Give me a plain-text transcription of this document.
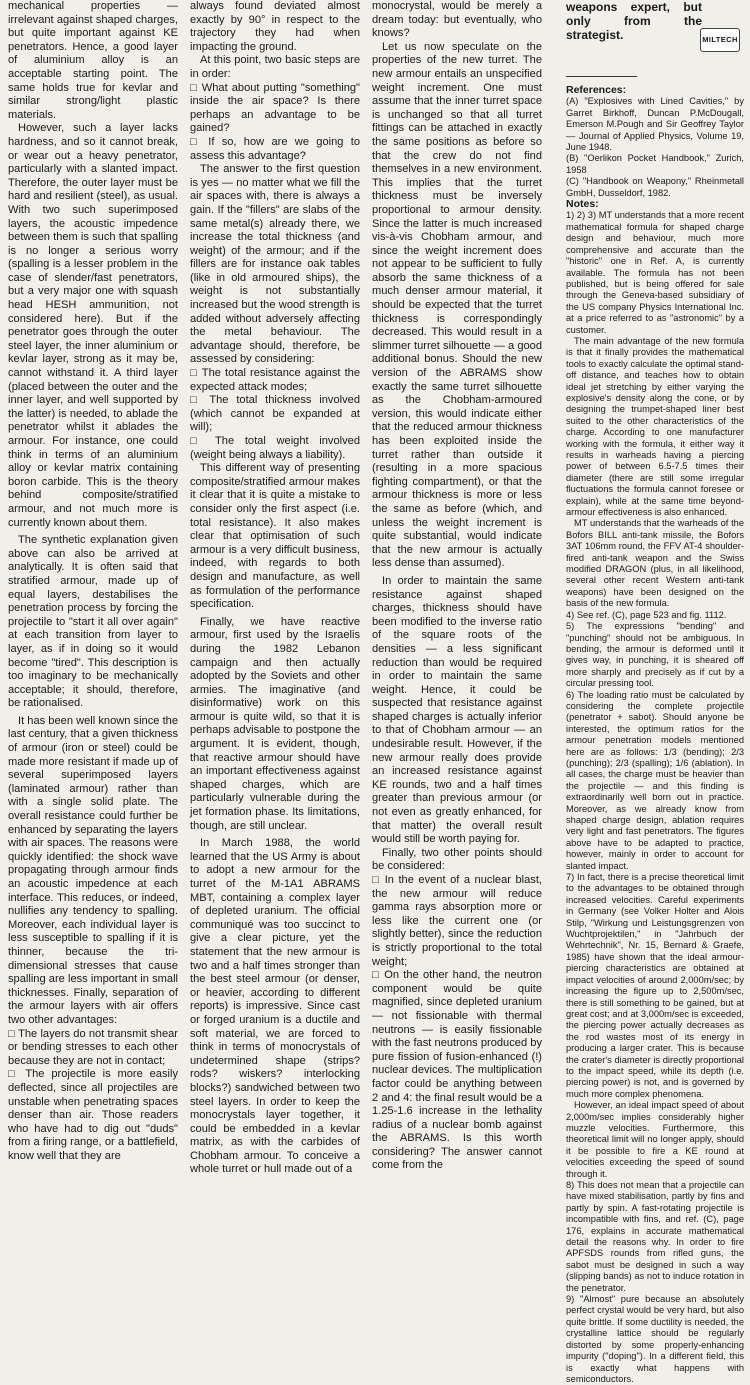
mechanical properties — irrelevant against shaped charges, but quite important against KE penetrators. Hence, a good layer of aluminium alloy is an acceptable starting point. The same holds true for kevlar and similar strong/light plastic materials.

However, such a layer lacks hardness, and so it cannot break, or wear out a heavy penetrator, particularly with a slanted impact. Therefore, the outer layer must be hard and resilient (steel), as usual. With two such superimposed layers, the acoustic impedence between them is such that spalling is no longer a serious worry (spalling is a lesser problem in the case of slender/fast penetrators, but a very major one with squash head HESH ammunition, not considered here). But if the penetrator goes through the outer steel layer, the inner aluminium or kevlar layer, strong as it may be, cannot withstand it. A third layer (placed between the outer and the inner layer, and well supported by the latter) is needed, to ablade the penetrator whilst it ablades the armour. For instance, one could think in terms of an aluminium alloy or kevlar matrix containing boron carbide. This is the theory behind composite/stratified armour, and not much more is currently known about them.

The synthetic explanation given above can also be arrived at analytically. It is often said that stratified armour, made up of equal layers, destabilises the penetration process by forcing the projectile to "start it all over again" at each transition from layer to layer, as if in doing so it would become "tired". This description is too imaginary to be mechanically acceptable; it should, therefore, be rationalised.

It has been well known since the last century, that a given thickness of armour (iron or steel) could be made more resistant if made up of several superimposed layers (laminated armour) rather than with a single solid plate. The overall resistance could further be enhanced by separating the layers with air spaces. The reasons were quickly identified: the shock wave propagating through armour finds an acoustic impedence at each interface. This reduces, or indeed, nullifies any tendency to spalling. Moreover, each individual layer is less susceptible to spalling if it is thinner, because the tri-dimensional stresses that cause spalling are less important in small thicknesses. Finally, separation of the armour layers with air offers two other advantages:

□ The layers do not transmit shear or bending stresses to each other because they are not in contact;

□ The projectile is more easily deflected, since all projectiles are unstable when penetrating spaces denser than air. Those readers who have had to dig out "duds" from a firing range, or a battlefield, know well that they are

always found deviated almost exactly by 90° in respect to the trajectory they had when impacting the ground.

At this point, two basic steps are in order:

□ What about putting "something" inside the air space? Is there perhaps an advantage to be gained?

□ If so, how are we going to assess this advantage?

The answer to the first question is yes — no matter what we fill the air spaces with, there is always a gain. If the "fillers" are slabs of the same metal(s) already there, we increase the total thickness (and weight) of the armour; and if the fillers are for instance oak tables (like in old armoured ships), the weight is not substantially increased but the wood strength is added without adversely affecting the metal behaviour. The advantage should, therefore, be assessed by considering:

□ The total resistance against the expected attack modes;

□ The total thickness involved (which cannot be expanded at will);

□ The total weight involved (weight being always a liability).

This different way of presenting composite/stratified armour makes it clear that it is quite a mistake to consider only the first aspect (i.e. total resistance). It also makes clear that optimisation of such armour is a very difficult business, indeed, with regards to both design and manufacture, as well as formulation of the performance specification.

Finally, we have reactive armour, first used by the Israelis during the 1982 Lebanon campaign and then actually adopted by the Soviets and other armies. The imaginative (and disinformative) work on this armour is quite wild, so that it is perhaps advisable to postpone the argument. It is evident, though, that reactive armour should have an important effectiveness against shaped charges, which are particularly vulnerable during the jet formation phase. Its limitations, though, are still unclear.

In March 1988, the world learned that the US Army is about to adopt a new armour for the turret of the M-1A1 ABRAMS MBT, containing a complex layer of depleted uranium. The official communiqué was too succinct to give a clear picture, yet the statement that the new armour is two and a half times stronger than the best steel armour (or denser, or heavier, according to different reports) is impressive. Since cast or forged uranium is a ductile and soft material, we are forced to think in terms of monocrystals of undetermined shape (strips? rods? wiskers? interlocking blocks?) sandwiched between two steel layers. In order to keep the monocrystals layer together, it could be embedded in a kevlar matrix, as with the carbides of Chobham armour. To conceive a whole turret or hull made out of a

monocrystal, would be merely a dream today: but eventually, who knows?

Let us now speculate on the properties of the new turret. The new armour entails an unspecified weight increment. One must assume that the inner turret space is unchanged so that all turret fittings can be attached in exactly the same positions as before so that the crew do not find themselves in a new environment. This implies that the turret thickness must be inversely proportional to armour density. Since the latter is much increased vis-à-vis Chobham armour, and since the weight increment does not appear to be sufficient to fully absorb the same thickness of a much denser armour material, it should be expected that the turret thickness is correspondingly decreased. This would result in a slimmer turret silhouette — a good additional bonus. Should the new version of the ABRAMS show exactly the same turret silhouette as the Chobham-armoured version, this would indicate either that the reduced armour thickness has been exploited inside the turret rather than outside it (resulting in a more spacious fighting compartment), or that the armour thickness is more or less the same as before (which, and unless the weight increment is quite substantial, would indicate that the new armour is actually less dense than assumed).

In order to maintain the same resistance against shaped charges, thickness should have been modified to the inverse ratio of the square roots of the densities — a less significant reduction than would be required in order to maintain the same weight. Hence, it could be suspected that resistance against shaped charges is actually inferior to that of Chobham armour — an undesirable result. However, if the new armour really does provide an increased resistance against KE rounds, two and a half times greater than previous armour (or not even as greatly enhanced, for that matter) the overall result would still be worth paying for.

Finally, two other points should be considered:

□ In the event of a nuclear blast, the new armour will reduce gamma rays absorption more or less like the current one (or slightly better), since the reduction is strictly proportional to the total weight;

□ On the other hand, the neutron component would be quite magnified, since depleted uranium — not fissionable with thermal neutrons — is easily fissionable with the fast neutrons produced by pure fission of fusion-enhanced (!) nuclear devices. The multiplication factor could be anything between 2 and 4: the final result would be a 1.25-1.6 increase in the lethality radius of a nuclear bomb against the ABRAMS. Is this worth considering? The answer cannot come from the

weapons expert, but only from the strategist.	MILTECH

References:

(A) "Explosives with Lined Cavities," by Garret Birkhoff, Duncan P.McDougall, Emerson M.Pough and Sir Geoffrey Taylor — Journal of Applied Physics, Volume 19, June 1948.

(B) "Oerlikon Pocket Handbook," Zurich, 1958

(C) "Handbook on Weapony," Rheinmetall GmbH, Dusseldorf, 1982.

Notes:

1) 2) 3) MT understands that a more recent mathematical formula for shaped charge design and behaviour, much more comprehensive and accurate than the "historic" one in Ref. A, is currently available. The formula has not been published, but is being offered for sale through the Geneva-based subsidiary of the US company Physics International Inc. at a price referred to as "astronomic" by a customer.

The main advantage of the new formula is that it finally provides the mathematical tools to exactly calculate the optimal stand-off distance, and teaches how to obtain ideal jet stretching by either varying the explosive's density along the cone, or by designing the trumpet-shaped liner best suited to the other characteristics of the charge. According to one manufacturer working with the formula, it either way it results in warheads having a piercing power of between 6.5-7.5 times their diameter (there are still some irregular fluctuations the formula cannot foresee or explain), while at the same time beyond-armour effectiveness is also enhanced.

MT understands that the warheads of the Bofors BILL anti-tank missile, the Bofors 3AT 106mm round, the FFV AT-4 shoulder-fired anti-tank weapon and the Swiss modified DRAGON (plus, in all likelihood, several other recent Western anti-tank weapons) have been designed on the basis of the new formula.

4) See ref. (C), page 523 and fig. 1112.

5) The expressions "bending" and "punching" should not be ambiguous. In bending, the armour is deformed until it gives way, in punching, it is sheared off more sharply and precisely as if cut by a circular pressing tool.

6) The loading ratio must be calculated by considering the complete projectile (penetrator + sabot). Should anyone be interested, the optimum ratios for the armour penetration models mentioned here are as follows: 1/3 (bending); 2/3 (punching); 2/3 (spalling); 1/6 (ablation). In all cases, the charge must be heavier than the projectile — and this finding is extraordinarily well born out in practice. Moreover, as we already know from shaped charge design, ablation requires very light and fast penetrators. The figures above have to be adapted to practice, however, mainly in order to account for slanted impact.

7) In fact, there is a precise theoretical limit to the advantages to be obtained through increased velocities. Careful experiments in Germany (see Volker Holter and Alois Stilp, "Wirkung und Leistungsgrenzen von Wuchtprojektilen," in "Jahrbuch der Wehrtechnik", Nr. 15, Bernard & Graefe, 1985) have shown that the ideal armour-piercing characteristics are obtained at impact velocities of around 2,000m/sec; by increasing the figure up to 2,500m/sec, there is still something to be gained, but at great cost; and at 3,000m/sec is exceeded, the piercing power actually decreases as the rod wastes most of its energy in producing a larger crater. This is because the crater's diameter is directly proportional to the impact speed, while its depth (i.e. piercing power) is not, and is governed by much more complex phenomena.

However, an ideal impact speed of about 2,000m/sec implies considerably higher muzzle velocities. Furthermore, this theoretical limit will no longer apply, should it be possible to fire a KE round at velocities exceeding the speed of sound through it.

8) This does not mean that a projectile can have mixed stabilisation, partly by fins and partly by spin. A fast-rotating projectile is incompatible with fins, and ref. (C), page 176, explains in accurate mathematical detail the reasons why. In order to fire APFSDS rounds from rifled guns, the sabot must be designed in such a way (slipping bands) as not to induce rotation in the penetrator.

9) "Almost" pure because an absolutely perfect crystal would be very hard, but also quite brittle. If some ductility is needed, the crystalline lattice should be regularly distorted by some properly-enhancing impurity ("doping"). In a different field, this is exactly what happens with semiconductors.
